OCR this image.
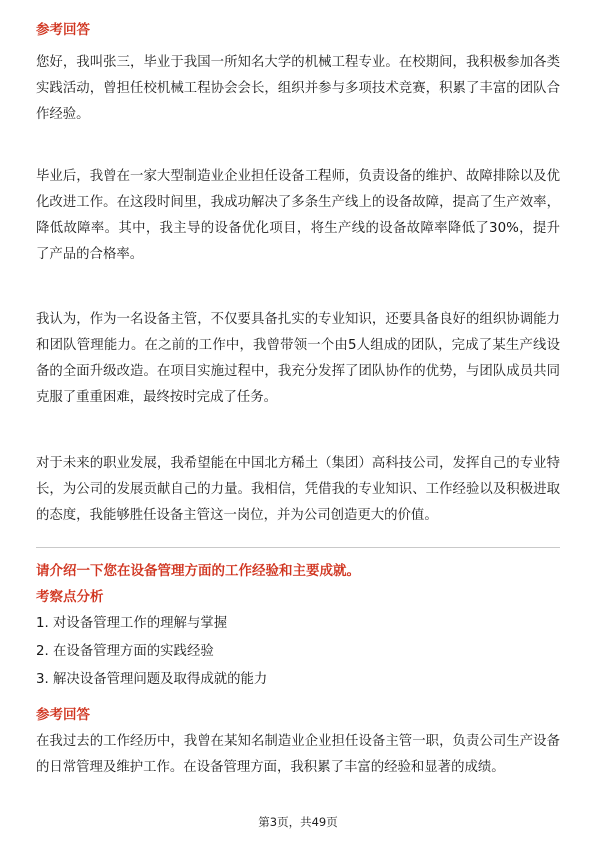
参考回答

您好，我叫张三，毕业于我国一所知名大学的机械工程专业。在校期间，我积极参加各类实践活动，曾担任校机械工程协会会长，组织并参与多项技术竞赛，积累了丰富的团队合作经验。

毕业后，我曾在一家大型制造业企业担任设备工程师，负责设备的维护、故障排除以及优化改进工作。在这段时间里，我成功解决了多条生产线上的设备故障，提高了生产效率，降低故障率。其中，我主导的设备优化项目，将生产线的设备故障率降低了30%，提升了产品的合格率。

我认为，作为一名设备主管，不仅要具备扎实的专业知识，还要具备良好的组织协调能力和团队管理能力。在之前的工作中，我曾带领一个由5人组成的团队，完成了某生产线设备的全面升级改造。在项目实施过程中，我充分发挥了团队协作的优势，与团队成员共同克服了重重困难，最终按时完成了任务。

对于未来的职业发展，我希望能在中国北方稀土（集团）高科技公司，发挥自己的专业特长，为公司的发展贡献自己的力量。我相信，凭借我的专业知识、工作经验以及积极进取的态度，我能够胜任设备主管这一岗位，并为公司创造更大的价值。

请介绍一下您在设备管理方面的工作经验和主要成就。
考察点分析
1. 对设备管理工作的理解与掌握
2. 在设备管理方面的实践经验
3. 解决设备管理问题及取得成就的能力
参考回答

在我过去的工作经历中，我曾在某知名制造业企业担任设备主管一职，负责公司生产设备的日常管理及维护工作。在设备管理方面，我积累了丰富的经验和显著的成绩。

第3页，共49页
